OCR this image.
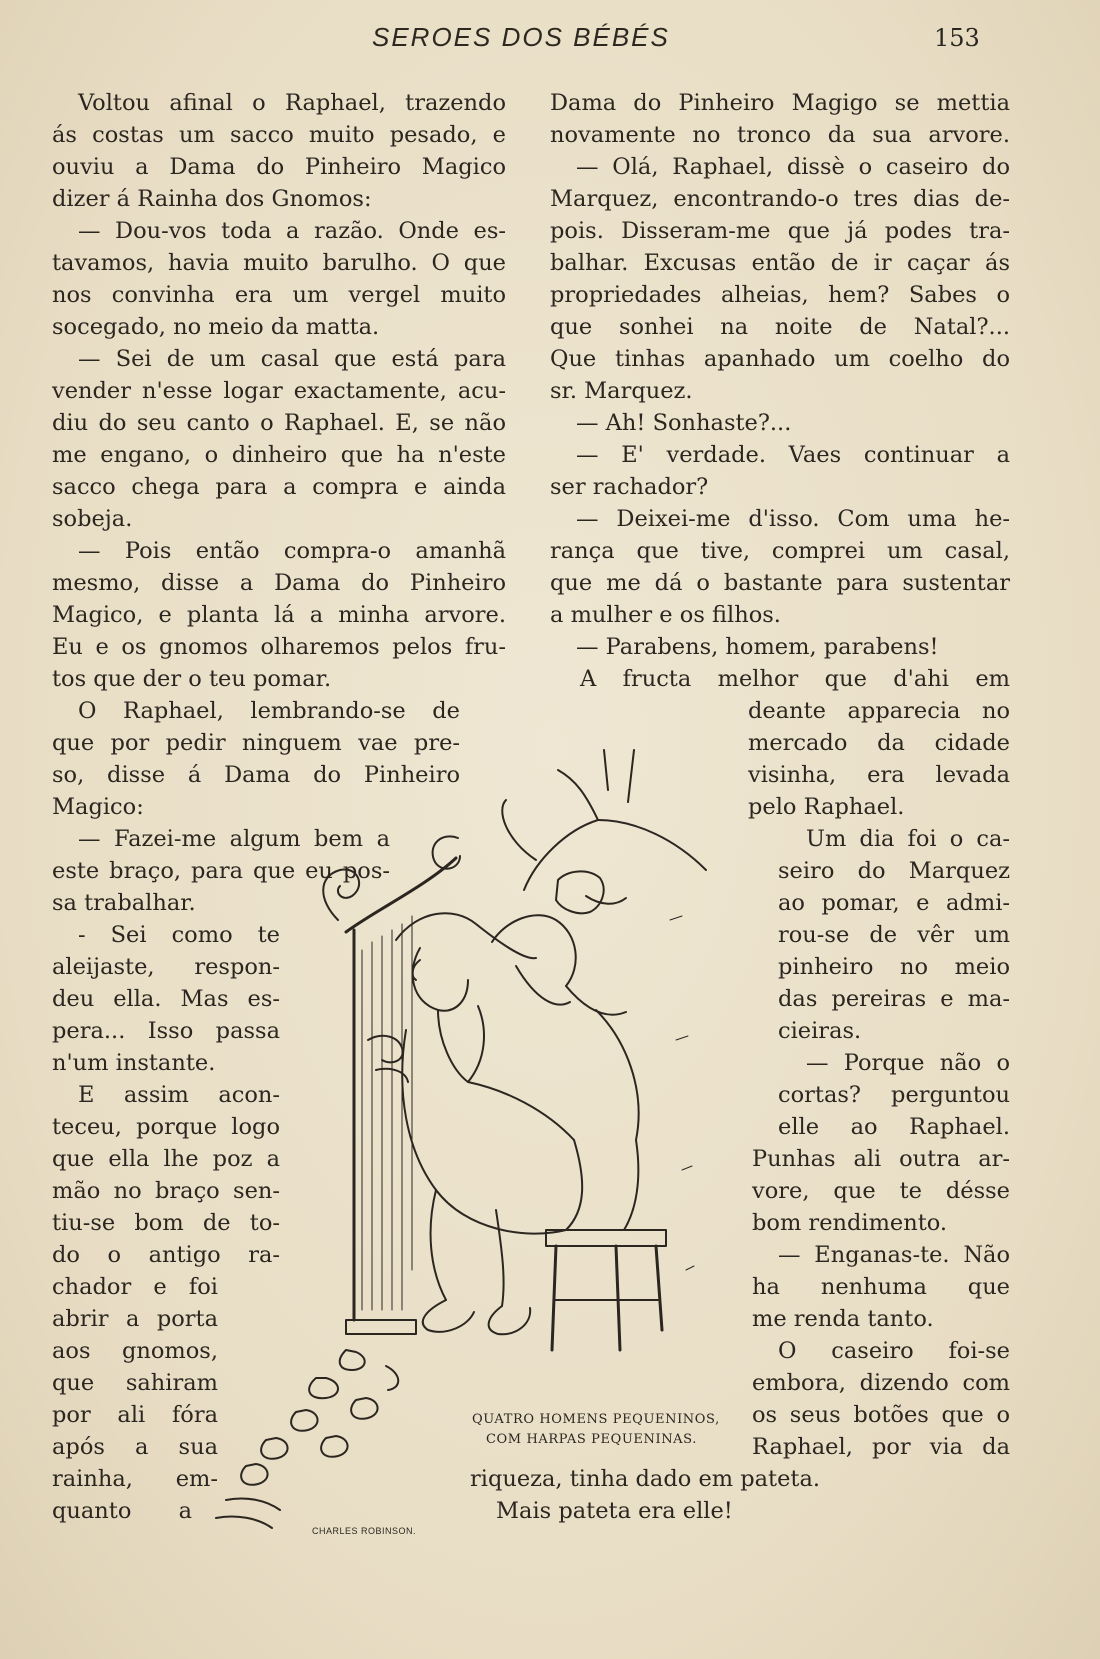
SEROES DOS BÉBÉS	153
Voltou afinal o Raphael, trazendo
ás costas um sacco muito pesado, e
ouviu a Dama do Pinheiro Magico
dizer á Rainha dos Gnomos:
— Dou-vos toda a razão. Onde es-
tavamos, havia muito barulho. O que
nos convinha era um vergel muito
socegado, no meio da matta.
— Sei de um casal que está para
vender n'esse logar exactamente, acu-
diu do seu canto o Raphael. E, se não
me engano, o dinheiro que ha n'este
sacco chega para a compra e ainda
sobeja.
— Pois então compra-o amanhã
mesmo, disse a Dama do Pinheiro
Magico, e planta lá a minha arvore.
Eu e os gnomos olharemos pelos fru-
tos que der o teu pomar.
O Raphael, lembrando-se de
que por pedir ninguem vae pre-
so, disse á Dama do Pinheiro
Magico:
— Fazei-me algum bem a
este braço, para que eu pos-
sa trabalhar.
- Sei como te
aleijaste, respon-
deu ella. Mas es-
pera... Isso passa
n'um instante.
E assim acon-
teceu, porque logo
que ella lhe poz a
mão no braço sen-
tiu-se bom de to-
do o antigo ra-
chador e foi
abrir a porta
aos gnomos,
que sahiram
por ali fóra
após a sua
rainha, em-
quanto a
Dama do Pinheiro Magigo se mettia
novamente no tronco da sua arvore.
— Olá, Raphael, dissè o caseiro do
Marquez, encontrando-o tres dias de-
pois. Disseram-me que já podes tra-
balhar. Excusas então de ir caçar ás
propriedades alheias, hem? Sabes o
que sonhei na noite de Natal?...
Que tinhas apanhado um coelho do
sr. Marquez.
— Ah! Sonhaste?...
— E' verdade. Vaes continuar a
ser rachador?
— Deixei-me d'isso. Com uma he-
rança que tive, comprei um casal,
que me dá o bastante para sustentar
a mulher e os filhos.
— Parabens, homem, parabens!
A fructa melhor que d'ahi em
deante apparecia no
mercado da cidade
visinha, era levada
pelo Raphael.
Um dia foi o ca-
seiro do Marquez
ao pomar, e admi-
rou-se de vêr um
pinheiro no meio
das pereiras e ma-
cieiras.
— Porque não o
cortas? perguntou
elle ao Raphael.
Punhas ali outra ar-
vore, que te désse
bom rendimento.
— Enganas-te. Não
ha nenhuma que
me renda tanto.
O caseiro foi-se
embora, dizendo com
os seus botões que o
Raphael, por via da
riqueza, tinha dado em pateta.
Mais pateta era elle!
QUATRO HOMENS PEQUENINOS,
COM HARPAS PEQUENINAS.
CHARLES ROBINSON.
